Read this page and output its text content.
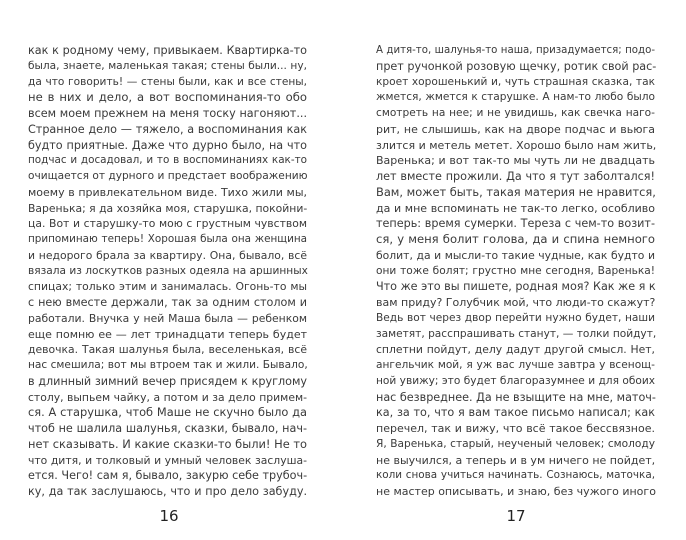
как к родному чему, привыкаем. Квартирка-то
была, знаете, маленькая такая; стены были... ну,
да что говорить! — стены были, как и все стены,
не в них и дело, а вот воспоминания-то обо
всем моем прежнем на меня тоску нагоняют...
Странное дело — тяжело, а воспоминания как
будто приятные. Даже что дурно было, на что
подчас и досадовал, и то в воспоминаниях как-то
очищается от дурного и предстает воображению
моему в привлекательном виде. Тихо жили мы,
Варенька; я да хозяйка моя, старушка, покойни-
ца. Вот и старушку-то мою с грустным чувством
припоминаю теперь! Хорошая была она женщина
и недорого брала за квартиру. Она, бывало, всё
вязала из лоскутков разных одеяла на аршинных
спицах; только этим и занималась. Огонь-то мы
с нею вместе держали, так за одним столом и
работали. Внучка у ней Маша была — ребенком
еще помню ее — лет тринадцати теперь будет
девочка. Такая шалунья была, веселенькая, всё
нас смешила; вот мы втроем так и жили. Бывало,
в длинный зимний вечер присядем к круглому
столу, выпьем чайку, а потом и за дело примем-
ся. А старушка, чтоб Маше не скучно было да
чтоб не шалила шалунья, сказки, бывало, нач-
нет сказывать. И какие сказки-то были! Не то
что дитя, и толковый и умный человек заслуша-
ется. Чего! сам я, бывало, закурю себе трубоч-
ку, да так заслушаюсь, что и про дело забуду.
А дитя-то, шалунья-то наша, призадумается; подо-
прет ручонкой розовую щечку, ротик свой рас-
кроет хорошенький и, чуть страшная сказка, так
жмется, жмется к старушке. А нам-то любо было
смотреть на нее; и не увидишь, как свечка наго-
рит, не слышишь, как на дворе подчас и вьюга
злится и метель метет. Хорошо было нам жить,
Варенька; и вот так-то мы чуть ли не двадцать
лет вместе прожили. Да что я тут заболтался!
Вам, может быть, такая материя не нравится,
да и мне вспоминать не так-то легко, особливо
теперь: время сумерки. Тереза с чем-то возит-
ся, у меня болит голова, да и спина немного
болит, да и мысли-то такие чудные, как будто и
они тоже болят; грустно мне сегодня, Варенька!
Что же это вы пишете, родная моя? Как же я к
вам приду? Голубчик мой, что люди-то скажут?
Ведь вот через двор перейти нужно будет, наши
заметят, расспрашивать станут, — толки пойдут,
сплетни пойдут, делу дадут другой смысл. Нет,
ангельчик мой, я уж вас лучше завтра у всенощ-
ной увижу; это будет благоразумнее и для обоих
нас безвреднее. Да не взыщите на мне, маточ-
ка, за то, что я вам такое письмо написал; как
перечел, так и вижу, что всё такое бессвязное.
Я, Варенька, старый, неученый человек; смолоду
не выучился, а теперь и в ум ничего не пойдет,
коли снова учиться начинать. Сознаюсь, маточка,
не мастер описывать, и знаю, без чужого иного
16	17
